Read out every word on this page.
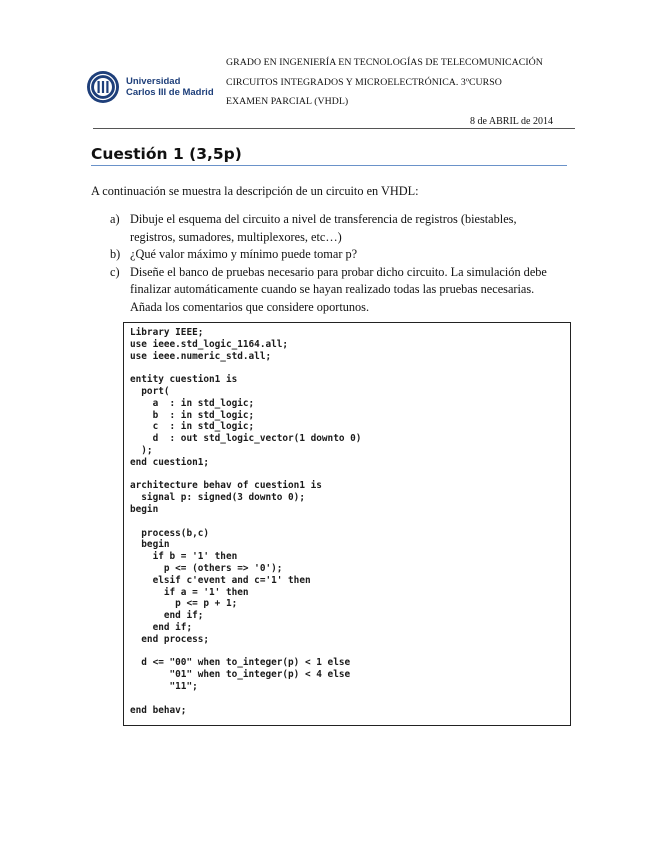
Universidad
Carlos III de Madrid
GRADO EN INGENIERÍA EN TECNOLOGÍAS DE TELECOMUNICACIÓN
CIRCUITOS INTEGRADOS Y MICROELECTRÓNICA. 3ºCURSO
EXAMEN PARCIAL (VHDL)
8 de ABRIL de 2014
Cuestión 1 (3,5p)
A continuación se muestra la descripción de un circuito en VHDL:
a) Dibuje el esquema del circuito a nivel de transferencia de registros (biestables, registros, sumadores, multiplexores, etc…)
b) ¿Qué valor máximo y mínimo puede tomar p?
c) Diseñe el banco de pruebas necesario para probar dicho circuito. La simulación debe finalizar automáticamente cuando se hayan realizado todas las pruebas necesarias. Añada los comentarios que considere oportunos.
Library IEEE;
use ieee.std_logic_1164.all;
use ieee.numeric_std.all;

entity cuestion1 is
port(
a  : in std_logic;
b  : in std_logic;
c  : in std_logic;
d  : out std_logic_vector(1 downto 0)
);
end cuestion1;

architecture behav of cuestion1 is
signal p: signed(3 downto 0);
begin

process(b,c)
begin
if b = '1' then
p <= (others => '0');
elsif c'event and c='1' then
if a = '1' then
p <= p + 1;
end if;
end if;
end process;

d <= "00" when to_integer(p) < 1 else
"01" when to_integer(p) < 4 else
"11";

end behav;
